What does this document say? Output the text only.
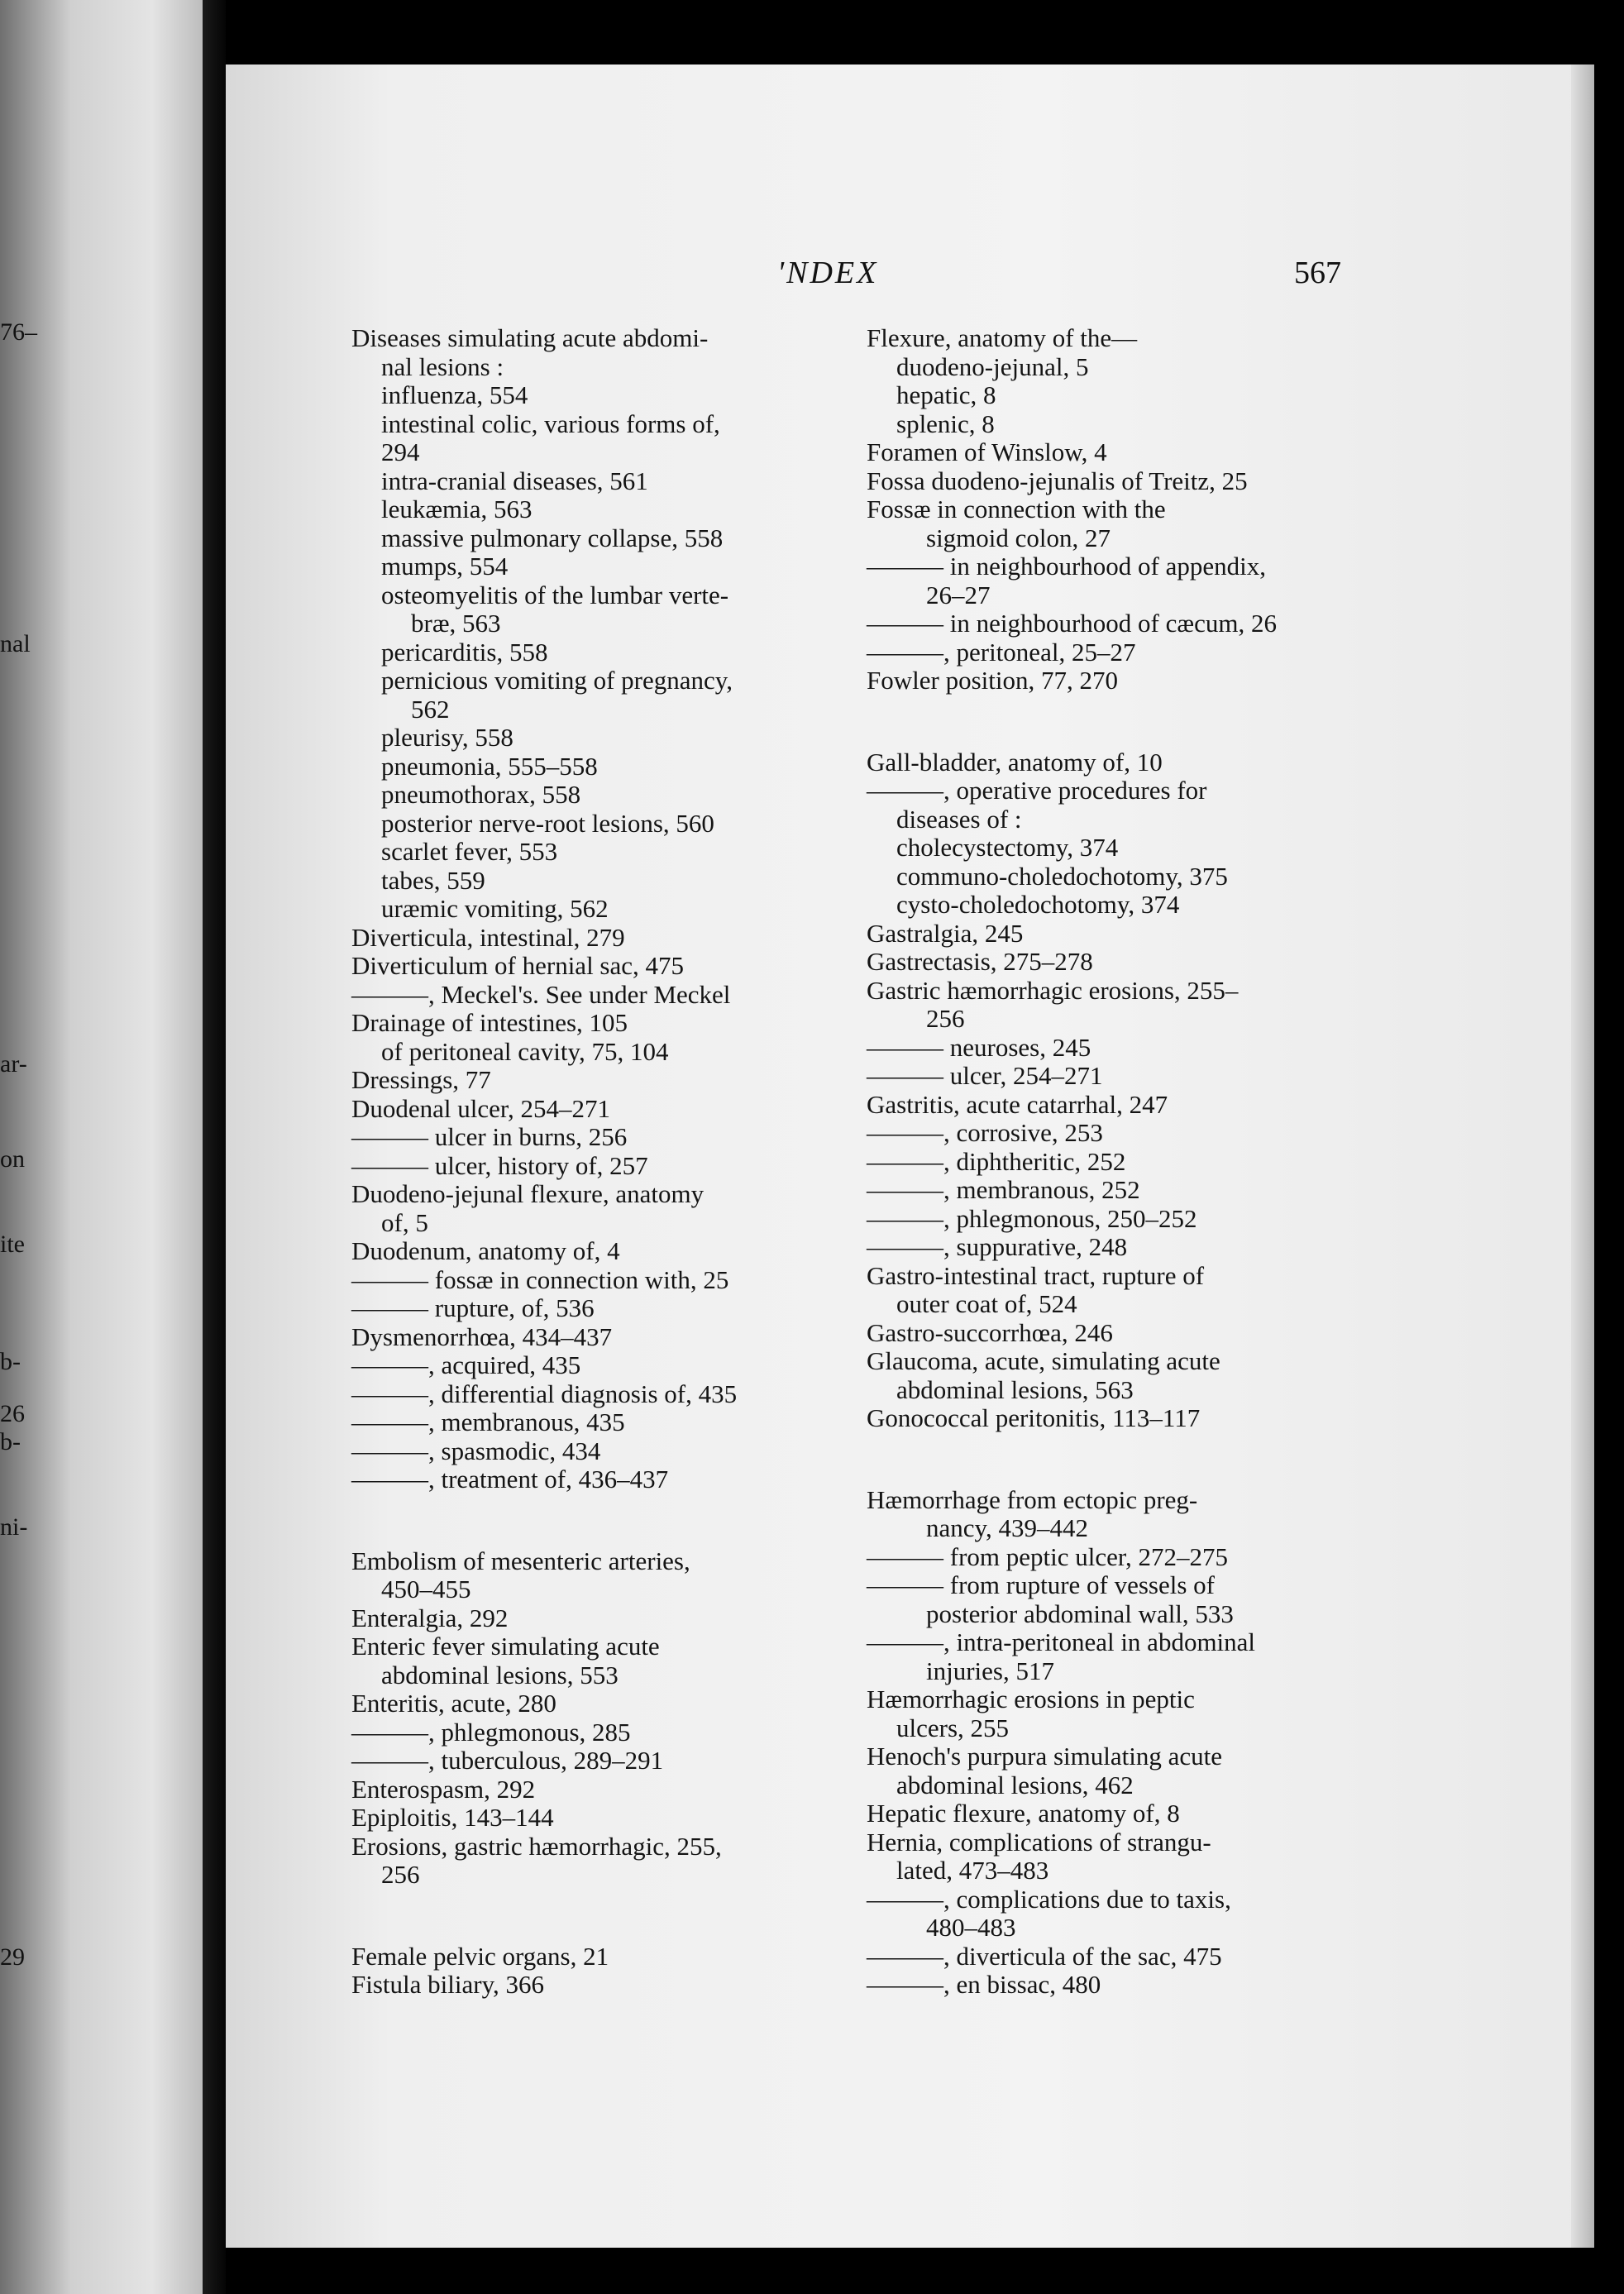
76–
nal
ar-
on
ite
b-
26
b-
ni-
29
'NDEX	567
Diseases simulating acute abdomi-
nal lesions :
influenza, 554
intestinal colic, various forms of,
294
intra-cranial diseases, 561
leukæmia, 563
massive pulmonary collapse, 558
mumps, 554
osteomyelitis of the lumbar verte-
bræ, 563
pericarditis, 558
pernicious vomiting of pregnancy,
562
pleurisy, 558
pneumonia, 555–558
pneumothorax, 558
posterior nerve-root lesions, 560
scarlet fever, 553
tabes, 559
uræmic vomiting, 562
Diverticula, intestinal, 279
Diverticulum of hernial sac, 475
———, Meckel's. See under Meckel
Drainage of intestines, 105
of peritoneal cavity, 75, 104
Dressings, 77
Duodenal ulcer, 254–271
——— ulcer in burns, 256
——— ulcer, history of, 257
Duodeno-jejunal flexure, anatomy
of, 5
Duodenum, anatomy of, 4
——— fossæ in connection with, 25
——— rupture, of, 536
Dysmenorrhœa, 434–437
———, acquired, 435
———, differential diagnosis of, 435
———, membranous, 435
———, spasmodic, 434
———, treatment of, 436–437
Embolism of mesenteric arteries,
450–455
Enteralgia, 292
Enteric fever simulating acute
abdominal lesions, 553
Enteritis, acute, 280
———, phlegmonous, 285
———, tuberculous, 289–291
Enterospasm, 292
Epiploitis, 143–144
Erosions, gastric hæmorrhagic, 255,
256
Female pelvic organs, 21
Fistula biliary, 366
Flexure, anatomy of the—
duodeno-jejunal, 5
hepatic, 8
splenic, 8
Foramen of Winslow, 4
Fossa duodeno-jejunalis of Treitz, 25
Fossæ in connection with the
sigmoid colon, 27
——— in neighbourhood of appendix,
26–27
——— in neighbourhood of cæcum, 26
———, peritoneal, 25–27
Fowler position, 77, 270
Gall-bladder, anatomy of, 10
———, operative procedures for
diseases of :
cholecystectomy, 374
communo-choledochotomy, 375
cysto-choledochotomy, 374
Gastralgia, 245
Gastrectasis, 275–278
Gastric hæmorrhagic erosions, 255–
256
——— neuroses, 245
——— ulcer, 254–271
Gastritis, acute catarrhal, 247
———, corrosive, 253
———, diphtheritic, 252
———, membranous, 252
———, phlegmonous, 250–252
———, suppurative, 248
Gastro-intestinal tract, rupture of
outer coat of, 524
Gastro-succorrhœa, 246
Glaucoma, acute, simulating acute
abdominal lesions, 563
Gonococcal peritonitis, 113–117
Hæmorrhage from ectopic preg-
nancy, 439–442
——— from peptic ulcer, 272–275
——— from rupture of vessels of
posterior abdominal wall, 533
———, intra-peritoneal in abdominal
injuries, 517
Hæmorrhagic erosions in peptic
ulcers, 255
Henoch's purpura simulating acute
abdominal lesions, 462
Hepatic flexure, anatomy of, 8
Hernia, complications of strangu-
lated, 473–483
———, complications due to taxis,
480–483
———, diverticula of the sac, 475
———, en bissac, 480
